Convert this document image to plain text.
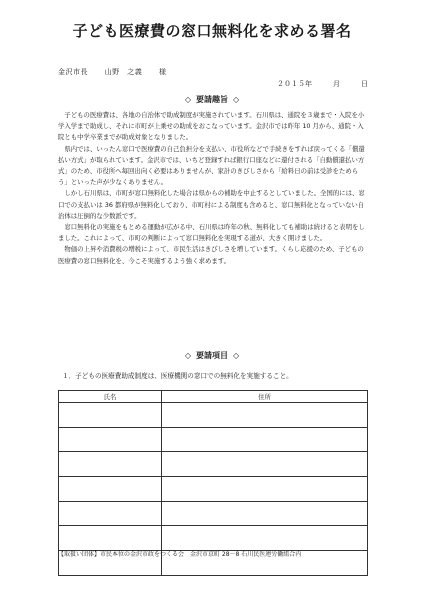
子ども医療費の窓口無料化を求める署名
金沢市長 山野　之義 様
２０１５年　　　月　　　日
◇ 要請趣旨 ◇

子どもの医療費は、各地の自治体で助成制度が実施されています。石川県は、通院を３歳まで・入院を小学入学まで助成し、それに市町が上乗せの助成をおこなっています。金沢市では昨年 10 月から、通院・入院とも中学卒業までが助成対象となりました。

県内では、いったん窓口で医療費の自己負担分を支払い、市役所などで手続きをすれば戻ってくる「償還払い方式」が取られています。金沢市では、いちど登録すれば銀行口座などに還付される「自動償還払い方式」のため、市役所へ毎回出向く必要はありませんが、家計のきびしさから「給料日の前は受診をためらう」といった声が少なくありません。

しかし石川県は、市町が窓口無料化した場合は県からの補助を中止するとしていました。全国的には、窓口での支払いは 36 都府県が無料化しており、市町村による制度も含めると、窓口無料化となっていない自治体は圧倒的な少数派です。

窓口無料化の実施をもとめる運動が広がる中、石川県は昨年の秋、無料化しても補助は続けると表明をしました。これによって、市町の判断によって窓口無料化を実現する道が、大きく開けました。

物価の上昇や消費税の増税によって、市民生活はきびしさを増しています。くらし応援のため、子どもの医療費の窓口無料化を、今こそ実施するよう強く求めます。

◇ 要請項目 ◇
１．子どもの医療費助成制度は、医療機関の窓口での無料化を実施すること。
氏名	住所

【取扱い団体】市民本位の金沢市政をつくる会　金沢市京町 28－8 石川民医連労働組合内
